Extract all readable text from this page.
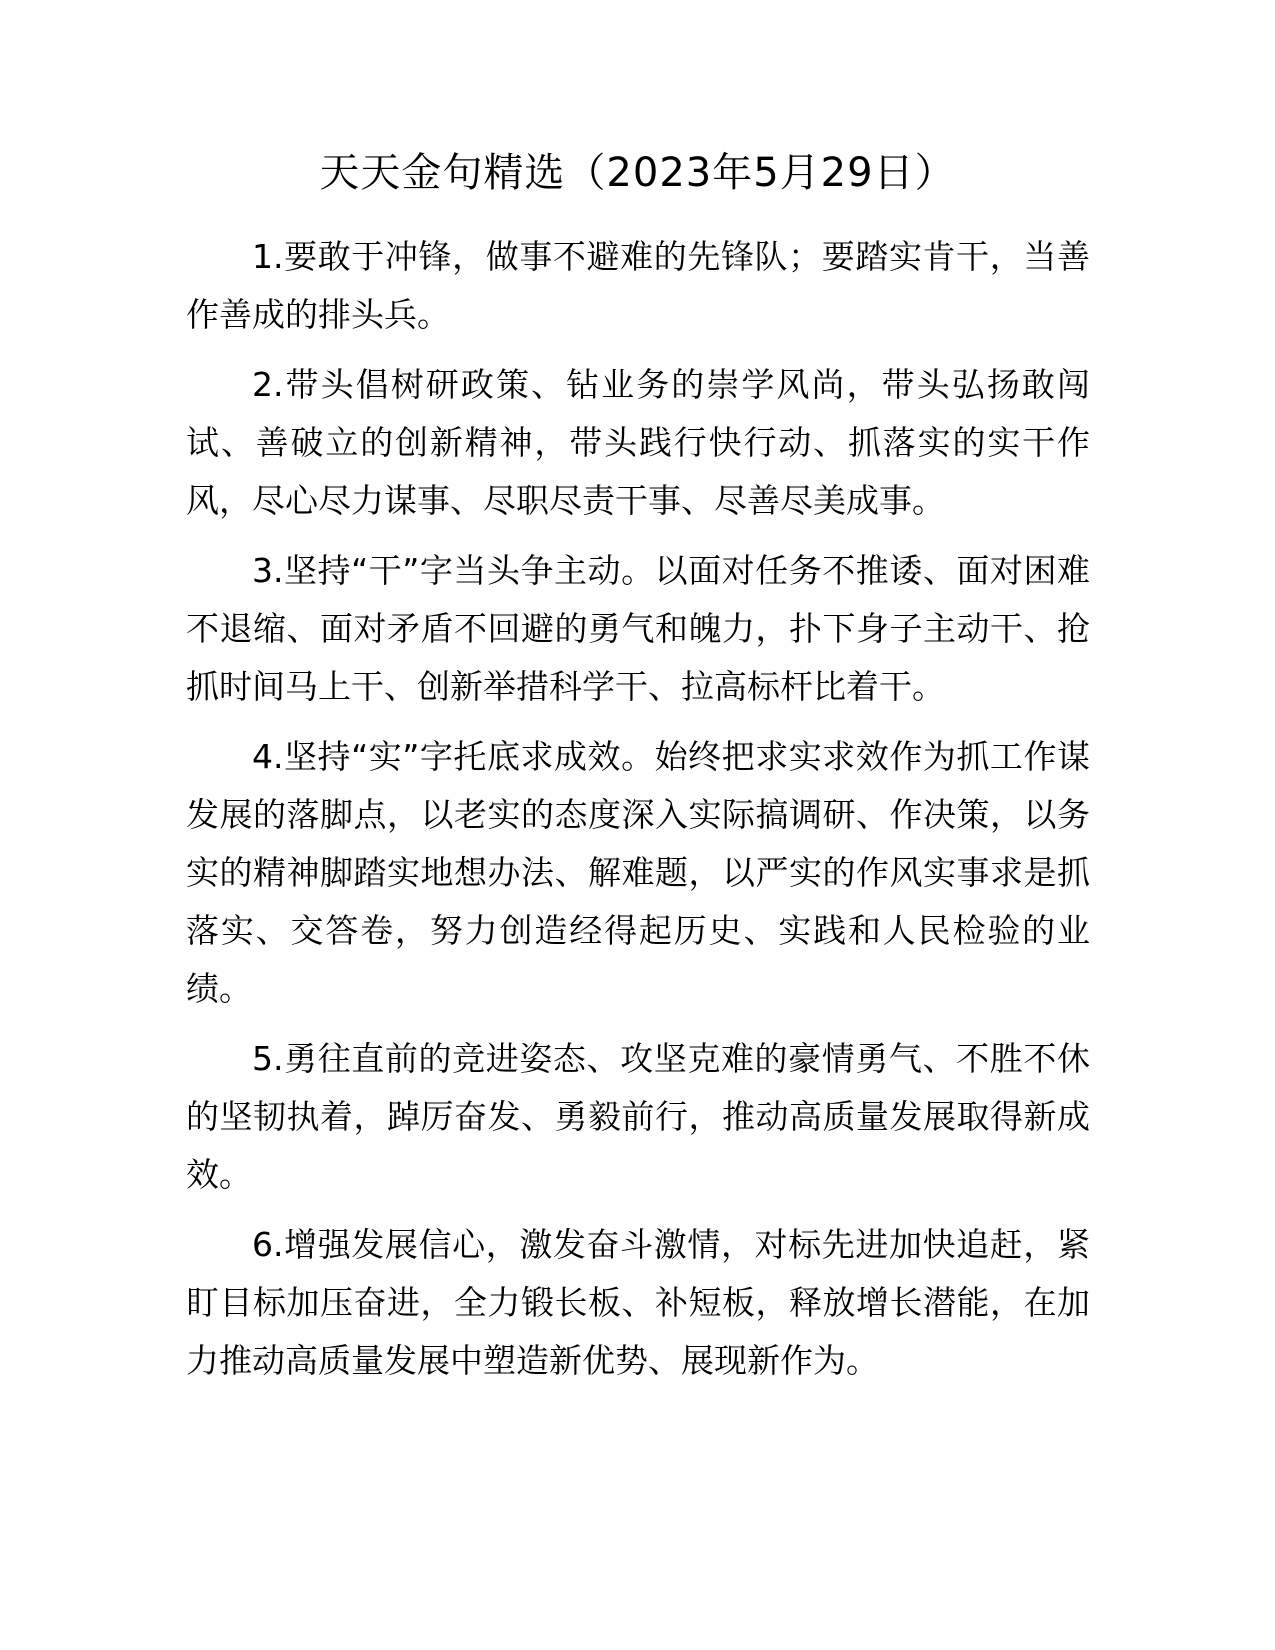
天天金句精选（2023年5月29日）

1.要敢于冲锋，做事不避难的先锋队；要踏实肯干，当善作善成的排头兵。

2.带头倡树研政策、钻业务的崇学风尚，带头弘扬敢闯试、善破立的创新精神，带头践行快行动、抓落实的实干作风，尽心尽力谋事、尽职尽责干事、尽善尽美成事。

3.坚持“干”字当头争主动。以面对任务不推诿、面对困难不退缩、面对矛盾不回避的勇气和魄力，扑下身子主动干、抢抓时间马上干、创新举措科学干、拉高标杆比着干。

4.坚持“实”字托底求成效。始终把求实求效作为抓工作谋发展的落脚点，以老实的态度深入实际搞调研、作决策，以务实的精神脚踏实地想办法、解难题，以严实的作风实事求是抓落实、交答卷，努力创造经得起历史、实践和人民检验的业绩。

5.勇往直前的竞进姿态、攻坚克难的豪情勇气、不胜不休的坚韧执着，踔厉奋发、勇毅前行，推动高质量发展取得新成效。

6.增强发展信心，激发奋斗激情，对标先进加快追赶，紧盯目标加压奋进，全力锻长板、补短板，释放增长潜能，在加力推动高质量发展中塑造新优势、展现新作为。
